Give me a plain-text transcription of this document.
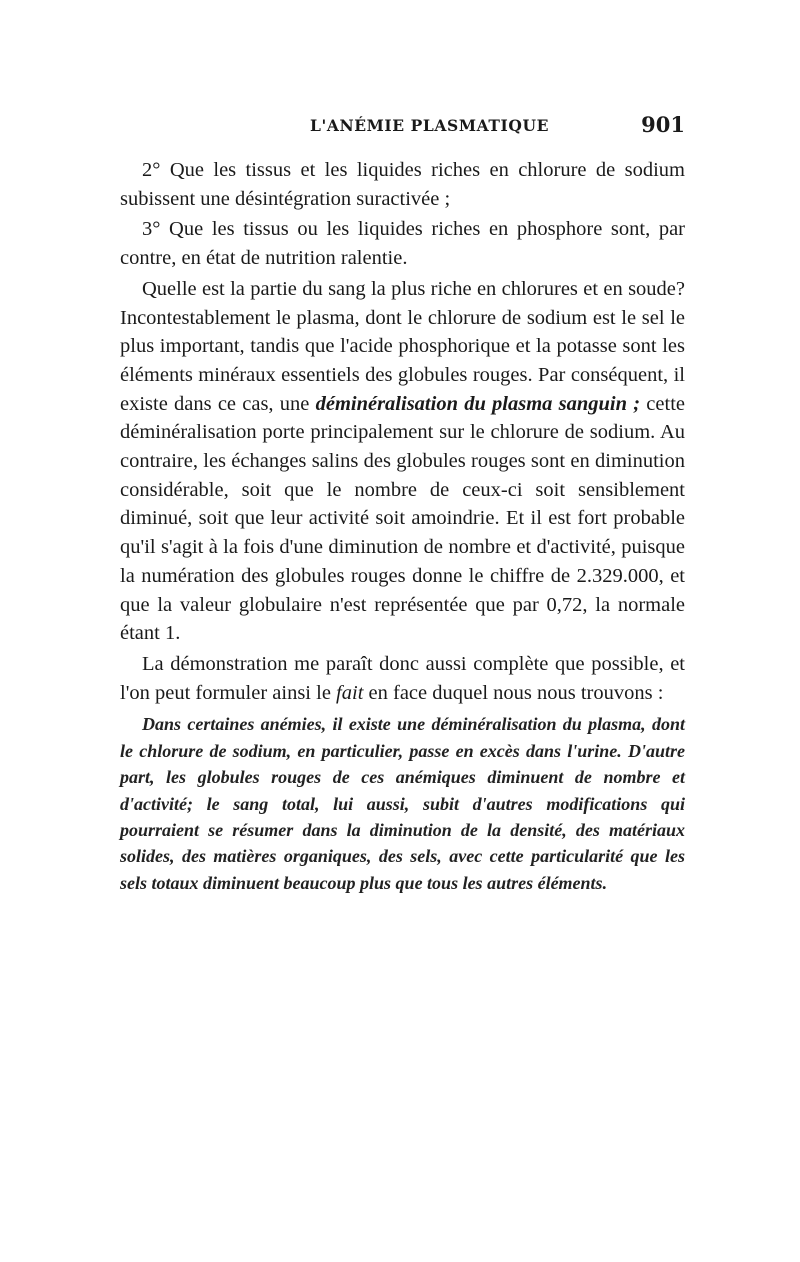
L'ANÉMIE PLASMATIQUE	901

2° Que les tissus et les liquides riches en chlorure de sodium subissent une désintégration suractivée ;

3° Que les tissus ou les liquides riches en phosphore sont, par contre, en état de nutrition ralentie.

Quelle est la partie du sang la plus riche en chlorures et en soude? Incontestablement le plasma, dont le chlorure de sodium est le sel le plus important, tandis que l'acide phosphorique et la potasse sont les éléments minéraux essentiels des globules rouges. Par conséquent, il existe dans ce cas, une déminéralisation du plasma sanguin ; cette déminéralisation porte principalement sur le chlorure de sodium. Au contraire, les échanges salins des globules rouges sont en diminution considérable, soit que le nombre de ceux-ci soit sensiblement diminué, soit que leur activité soit amoindrie. Et il est fort probable qu'il s'agit à la fois d'une diminution de nombre et d'activité, puisque la numération des globules rouges donne le chiffre de 2.329.000, et que la valeur globulaire n'est représentée que par 0,72, la normale étant 1.

La démonstration me paraît donc aussi complète que possible, et l'on peut formuler ainsi le fait en face duquel nous nous trouvons :

Dans certaines anémies, il existe une déminéralisation du plasma, dont le chlorure de sodium, en particulier, passe en excès dans l'urine. D'autre part, les globules rouges de ces anémiques diminuent de nombre et d'activité; le sang total, lui aussi, subit d'autres modifications qui pourraient se résumer dans la diminution de la densité, des matériaux solides, des matières organiques, des sels, avec cette particularité que les sels totaux diminuent beaucoup plus que tous les autres éléments.
